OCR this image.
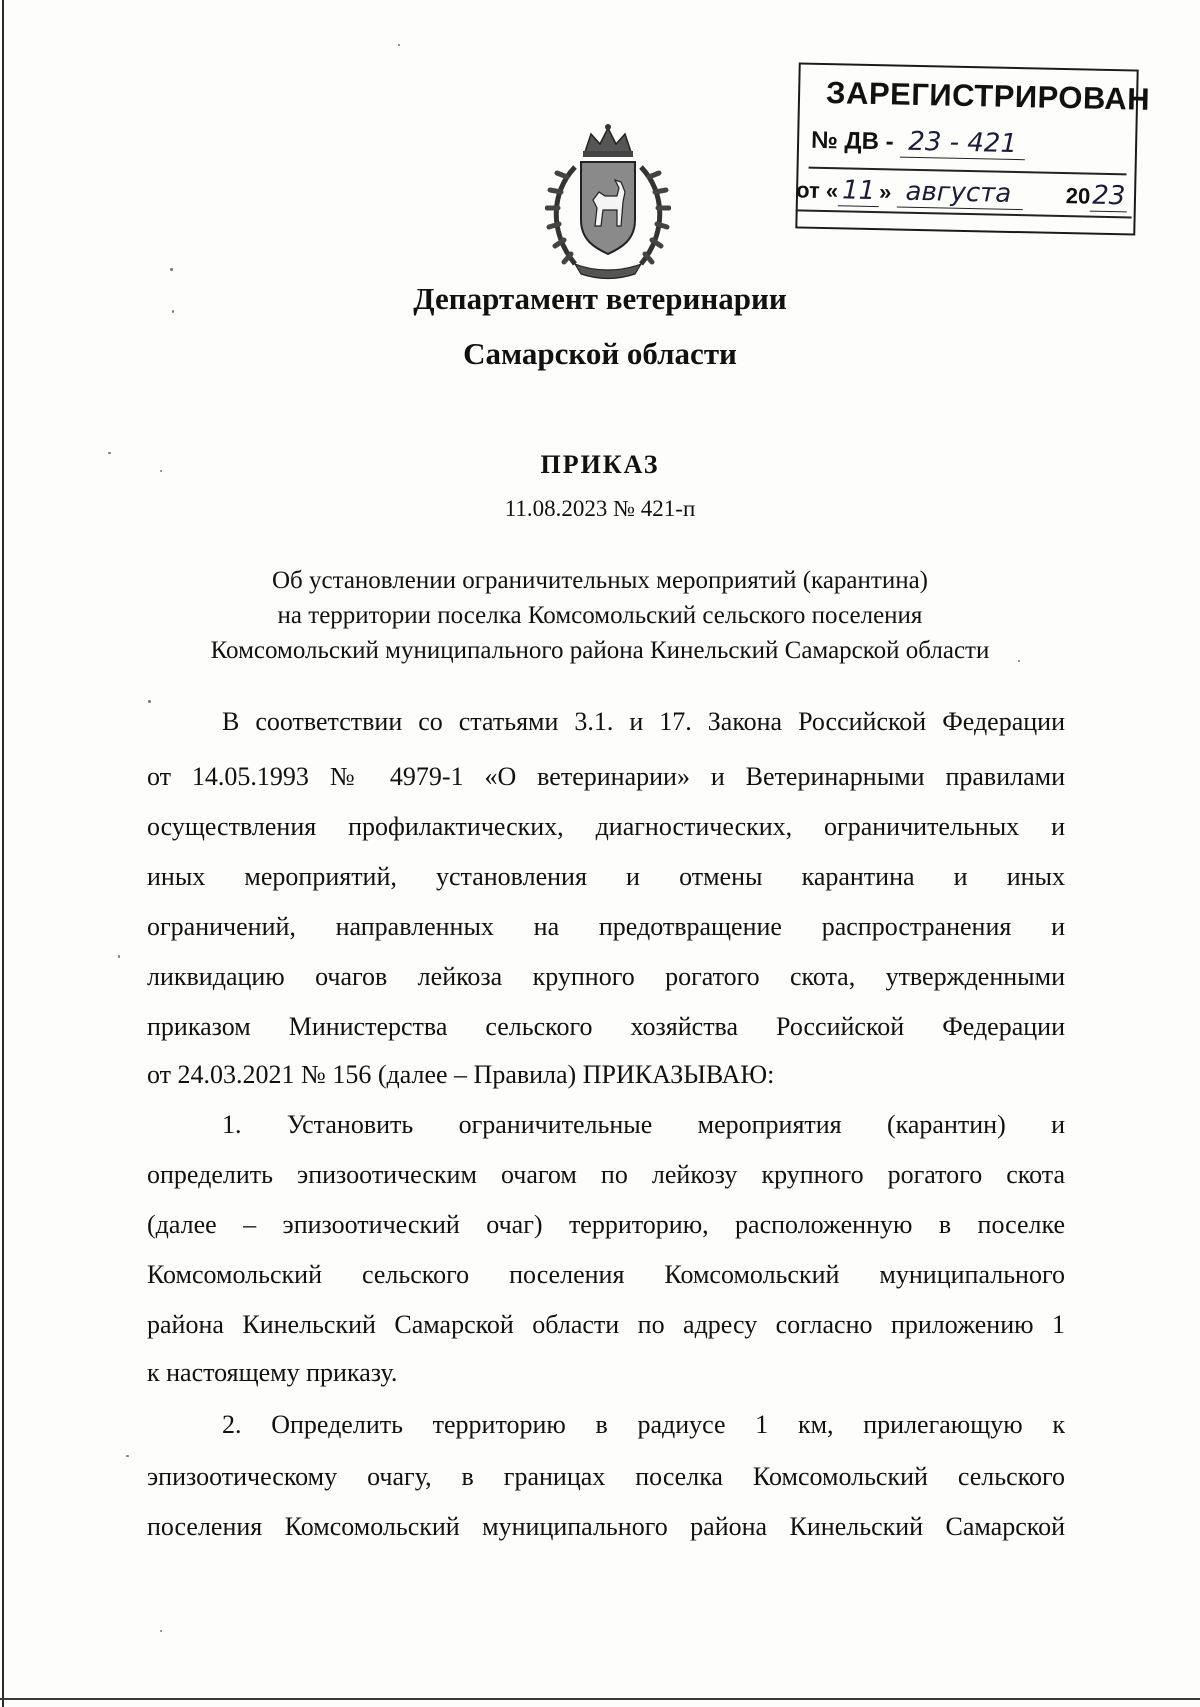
ЗАРЕГИСТРИРОВАН
№ ДВ - 23 - 421
от « 11 » августа 2023
Департамент ветеринарии
Самарской области
ПРИКАЗ
11.08.2023 № 421-п
Об установлении ограничительных мероприятий (карантина)
на территории поселка Комсомольский сельского поселения
Комсомольский муниципального района Кинельский Самарской области
В соответствии со статьями 3.1. и 17. Закона Российской Федерации
от 14.05.1993 № 4979-1 «О ветеринарии» и Ветеринарными правилами
осуществления профилактических, диагностических, ограничительных и
иных мероприятий, установления и отмены карантина и иных
ограничений, направленных на предотвращение распространения и
ликвидацию очагов лейкоза крупного рогатого скота, утвержденными
приказом Министерства сельского хозяйства Российской Федерации
от 24.03.2021 № 156 (далее – Правила) ПРИКАЗЫВАЮ:
1. Установить ограничительные мероприятия (карантин) и
определить эпизоотическим очагом по лейкозу крупного рогатого скота
(далее – эпизоотический очаг) территорию, расположенную в поселке
Комсомольский сельского поселения Комсомольский муниципального
района Кинельский Самарской области по адресу согласно приложению 1
к настоящему приказу.
2. Определить территорию в радиусе 1 км, прилегающую к
эпизоотическому очагу, в границах поселка Комсомольский сельского
поселения Комсомольский муниципального района Кинельский Самарской
